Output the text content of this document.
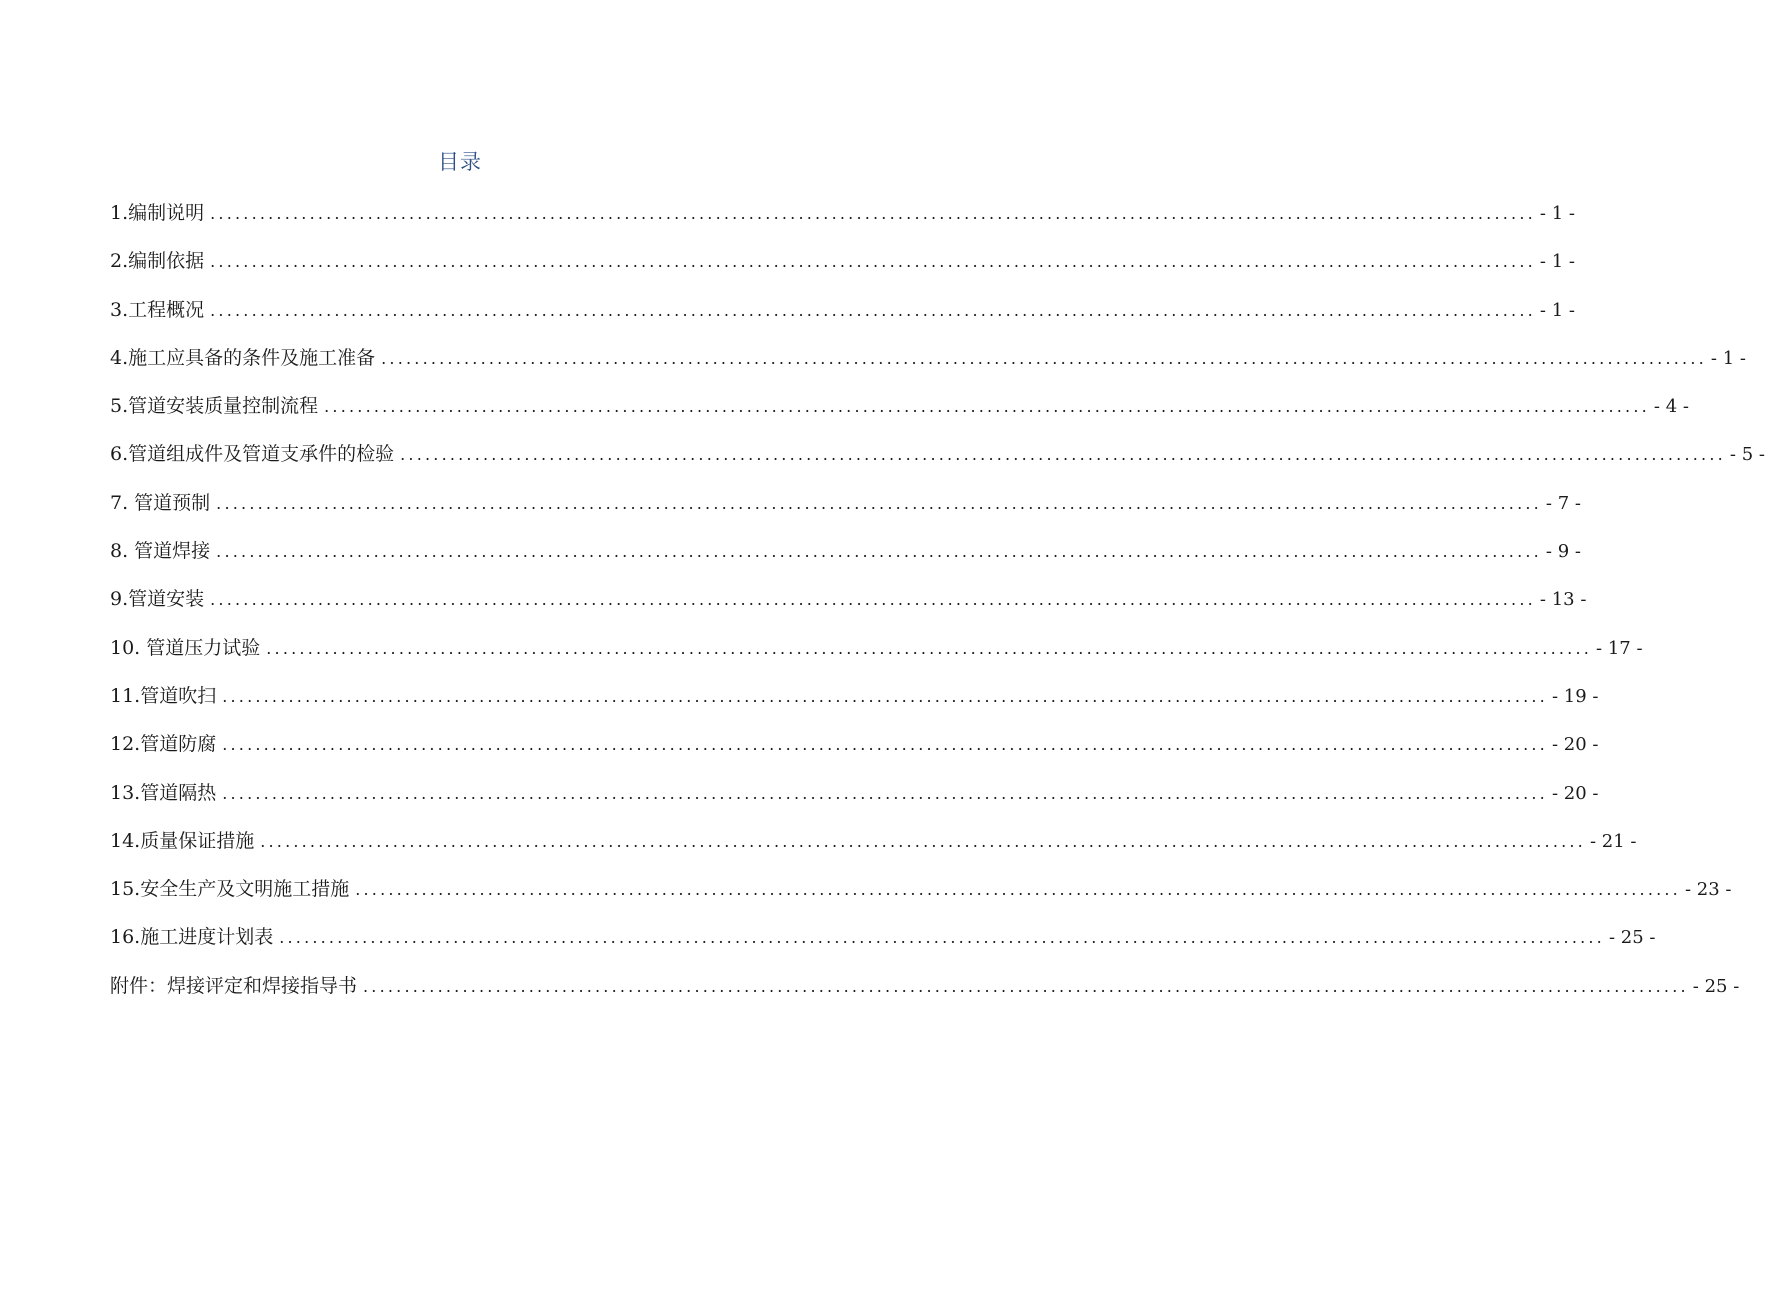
目录
1.编制说明 ................................................................................................................................................................ - 1 -
2.编制依据 ................................................................................................................................................................ - 1 -
3.工程概况 ................................................................................................................................................................ - 1 -
4.施工应具备的条件及施工准备 ................................................................................................................................................................ - 1 -
5.管道安装质量控制流程 ................................................................................................................................................................ - 4 -
6.管道组成件及管道支承件的检验 ................................................................................................................................................................ - 5 -
7. 管道预制 ................................................................................................................................................................ - 7 -
8. 管道焊接 ................................................................................................................................................................ - 9 -
9.管道安装 ................................................................................................................................................................ - 13 -
10. 管道压力试验 ................................................................................................................................................................ - 17 -
11.管道吹扫 ................................................................................................................................................................ - 19 -
12.管道防腐 ................................................................................................................................................................ - 20 -
13.管道隔热 ................................................................................................................................................................ - 20 -
14.质量保证措施 ................................................................................................................................................................ - 21 -
15.安全生产及文明施工措施 ................................................................................................................................................................ - 23 -
16.施工进度计划表 ................................................................................................................................................................ - 25 -
附件：焊接评定和焊接指导书 ................................................................................................................................................................ - 25 -
